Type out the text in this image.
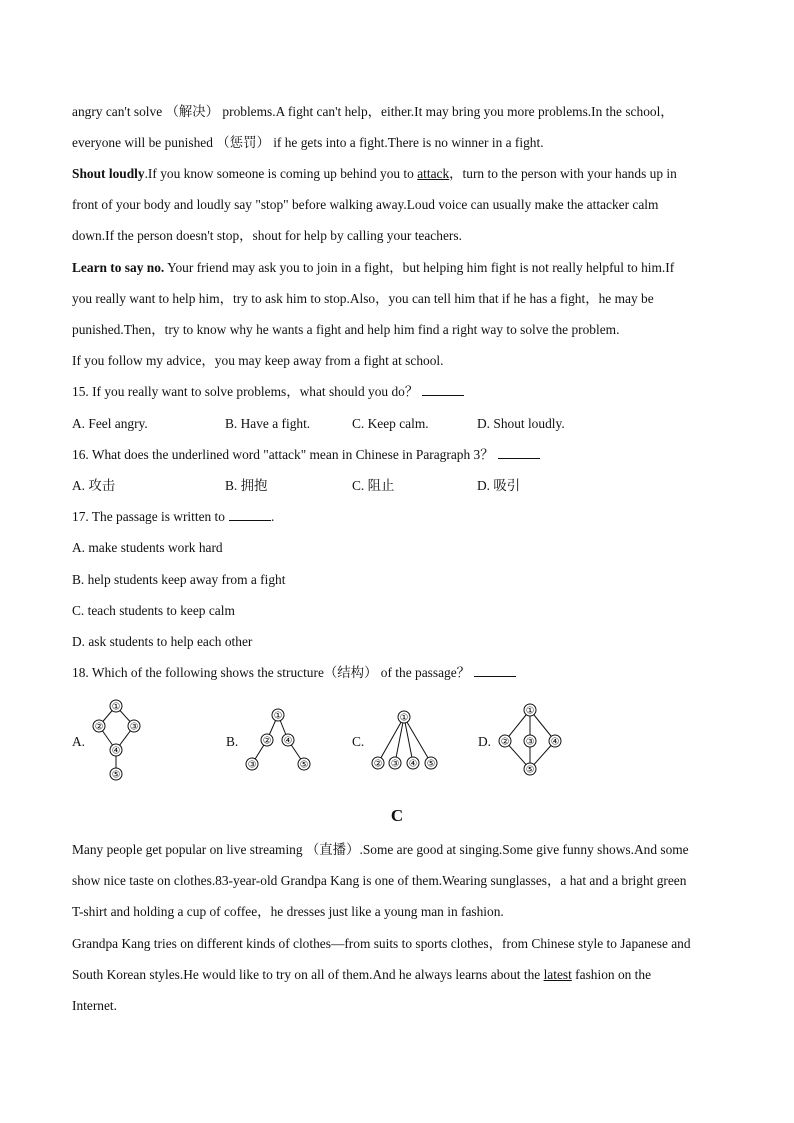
angry can't solve （解决） problems.A fight can't help，either.It may bring you more problems.In the school，
everyone will be punished （惩罚） if he gets into a fight.There is no winner in a fight.
Shout loudly.If you know someone is coming up behind you to attack，turn to the person with your hands up in
front of your body and loudly say "stop" before walking away.Loud voice can usually make the attacker calm
down.If the person doesn't stop，shout for help by calling your teachers.
Learn to say no. Your friend may ask you to join in a fight，but helping him fight is not really helpful to him.If
you really want to help him，try to ask him to stop.Also，you can tell him that if he has a fight，he may be
punished.Then，try to know why he wants a fight and help him find a right way to solve the problem.
If you follow my advice，you may keep away from a fight at school.
15. If you really want to solve problems，what should you do？
A. Feel angry.	B. Have a fight.	C. Keep calm.	D. Shout loudly.
16. What does the underlined word "attack" mean in Chinese in Paragraph 3？
A. 攻击	B. 拥抱	C. 阻止	D. 吸引
17. The passage is written to	.
A. make students work hard
B. help students keep away from a fight
C. teach students to keep calm
D. ask students to help each other
18. Which of the following shows the structure（结构） of the passage？
A.	B.	C.	D.
①
②	③
④
⑤
①
② ④
③	⑤
①
② ③ ④ ⑤
①
② ③ ④
⑤
C
Many people get popular on live streaming （直播）.Some are good at singing.Some give funny shows.And some
show nice taste on clothes.83-year-old Grandpa Kang is one of them.Wearing sunglasses，a hat and a bright green
T-shirt and holding a cup of coffee，he dresses just like a young man in fashion.
Grandpa Kang tries on different kinds of clothes—from suits to sports clothes，from Chinese style to Japanese and
South Korean styles.He would like to try on all of them.And he always learns about the latest fashion on the
Internet.
